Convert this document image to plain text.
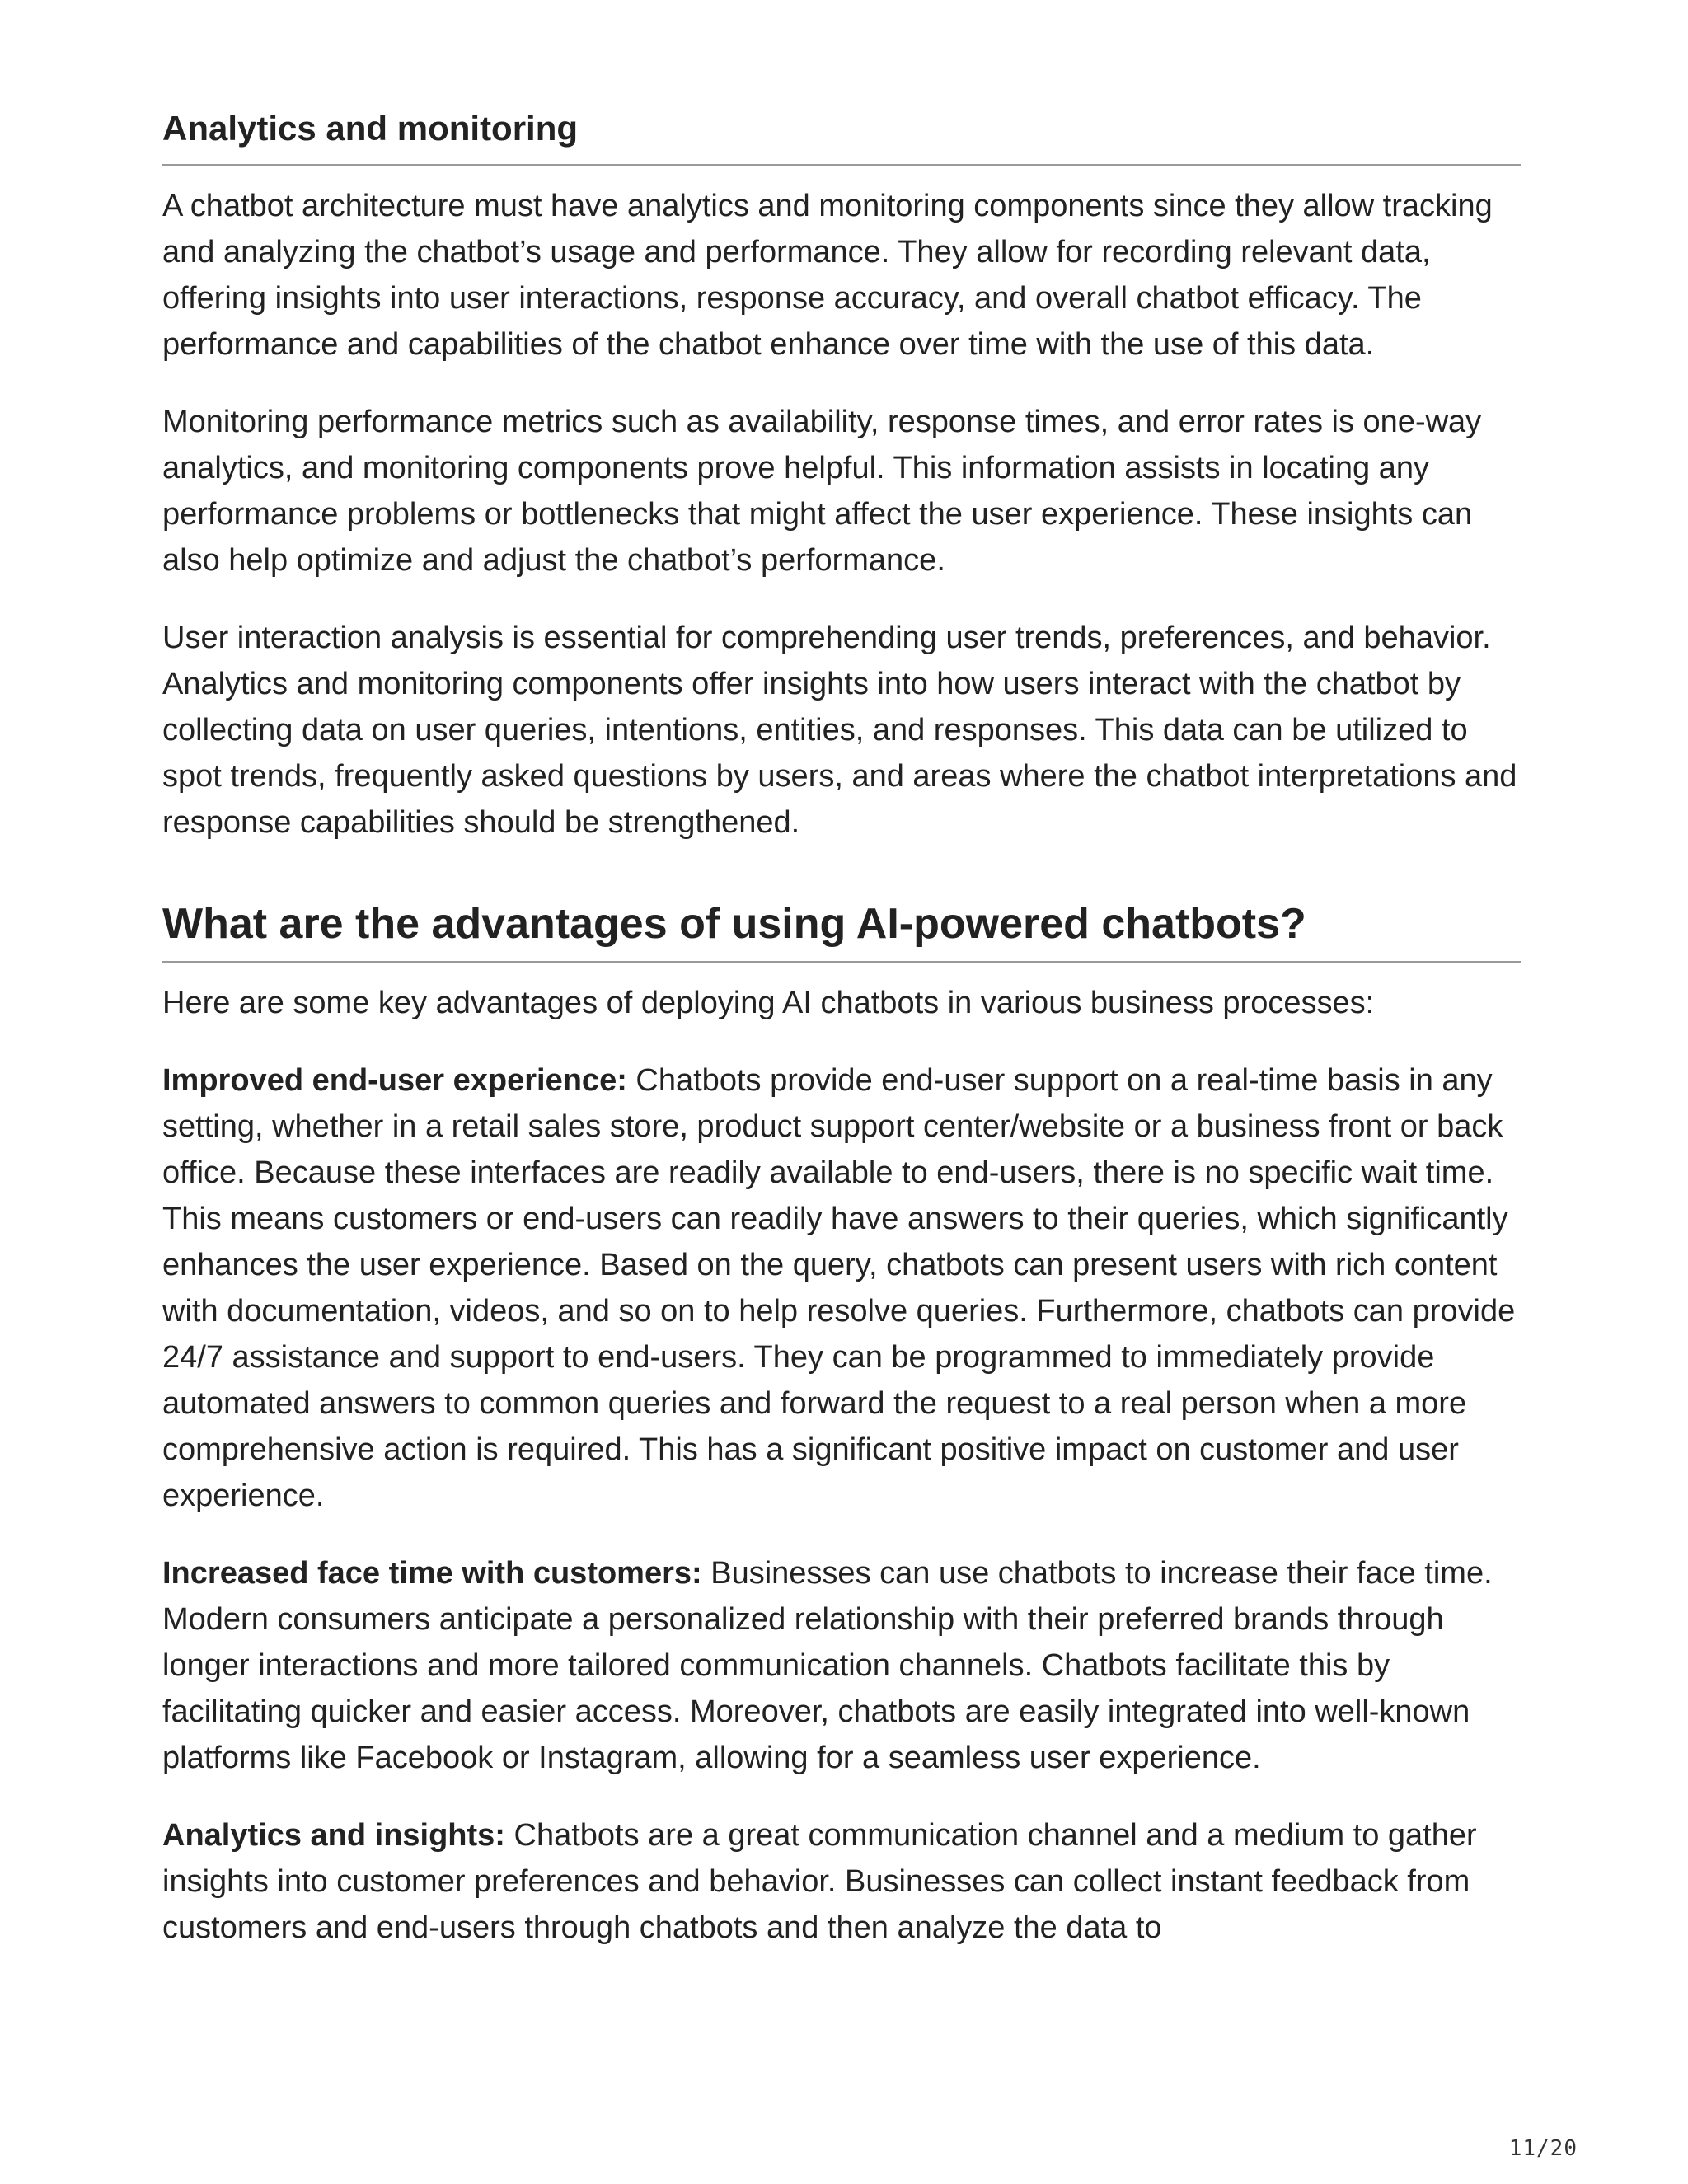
Analytics and monitoring

A chatbot architecture must have analytics and monitoring components since they allow tracking and analyzing the chatbot’s usage and performance. They allow for recording relevant data, offering insights into user interactions, response accuracy, and overall chatbot efficacy. The performance and capabilities of the chatbot enhance over time with the use of this data.

Monitoring performance metrics such as availability, response times, and error rates is one-way analytics, and monitoring components prove helpful. This information assists in locating any performance problems or bottlenecks that might affect the user experience. These insights can also help optimize and adjust the chatbot’s performance.

User interaction analysis is essential for comprehending user trends, preferences, and behavior. Analytics and monitoring components offer insights into how users interact with the chatbot by collecting data on user queries, intentions, entities, and responses. This data can be utilized to spot trends, frequently asked questions by users, and areas where the chatbot interpretations and response capabilities should be strengthened.

What are the advantages of using AI-powered chatbots?

Here are some key advantages of deploying AI chatbots in various business processes:

Improved end-user experience: Chatbots provide end-user support on a real-time basis in any setting, whether in a retail sales store, product support center/website or a business front or back office. Because these interfaces are readily available to end-users, there is no specific wait time. This means customers or end-users can readily have answers to their queries, which significantly enhances the user experience. Based on the query, chatbots can present users with rich content with documentation, videos, and so on to help resolve queries. Furthermore, chatbots can provide 24/7 assistance and support to end-users. They can be programmed to immediately provide automated answers to common queries and forward the request to a real person when a more comprehensive action is required. This has a significant positive impact on customer and user experience.

Increased face time with customers: Businesses can use chatbots to increase their face time. Modern consumers anticipate a personalized relationship with their preferred brands through longer interactions and more tailored communication channels. Chatbots facilitate this by facilitating quicker and easier access. Moreover, chatbots are easily integrated into well-known platforms like Facebook or Instagram, allowing for a seamless user experience.

Analytics and insights: Chatbots are a great communication channel and a medium to gather insights into customer preferences and behavior. Businesses can collect instant feedback from customers and end-users through chatbots and then analyze the data to

11/20
